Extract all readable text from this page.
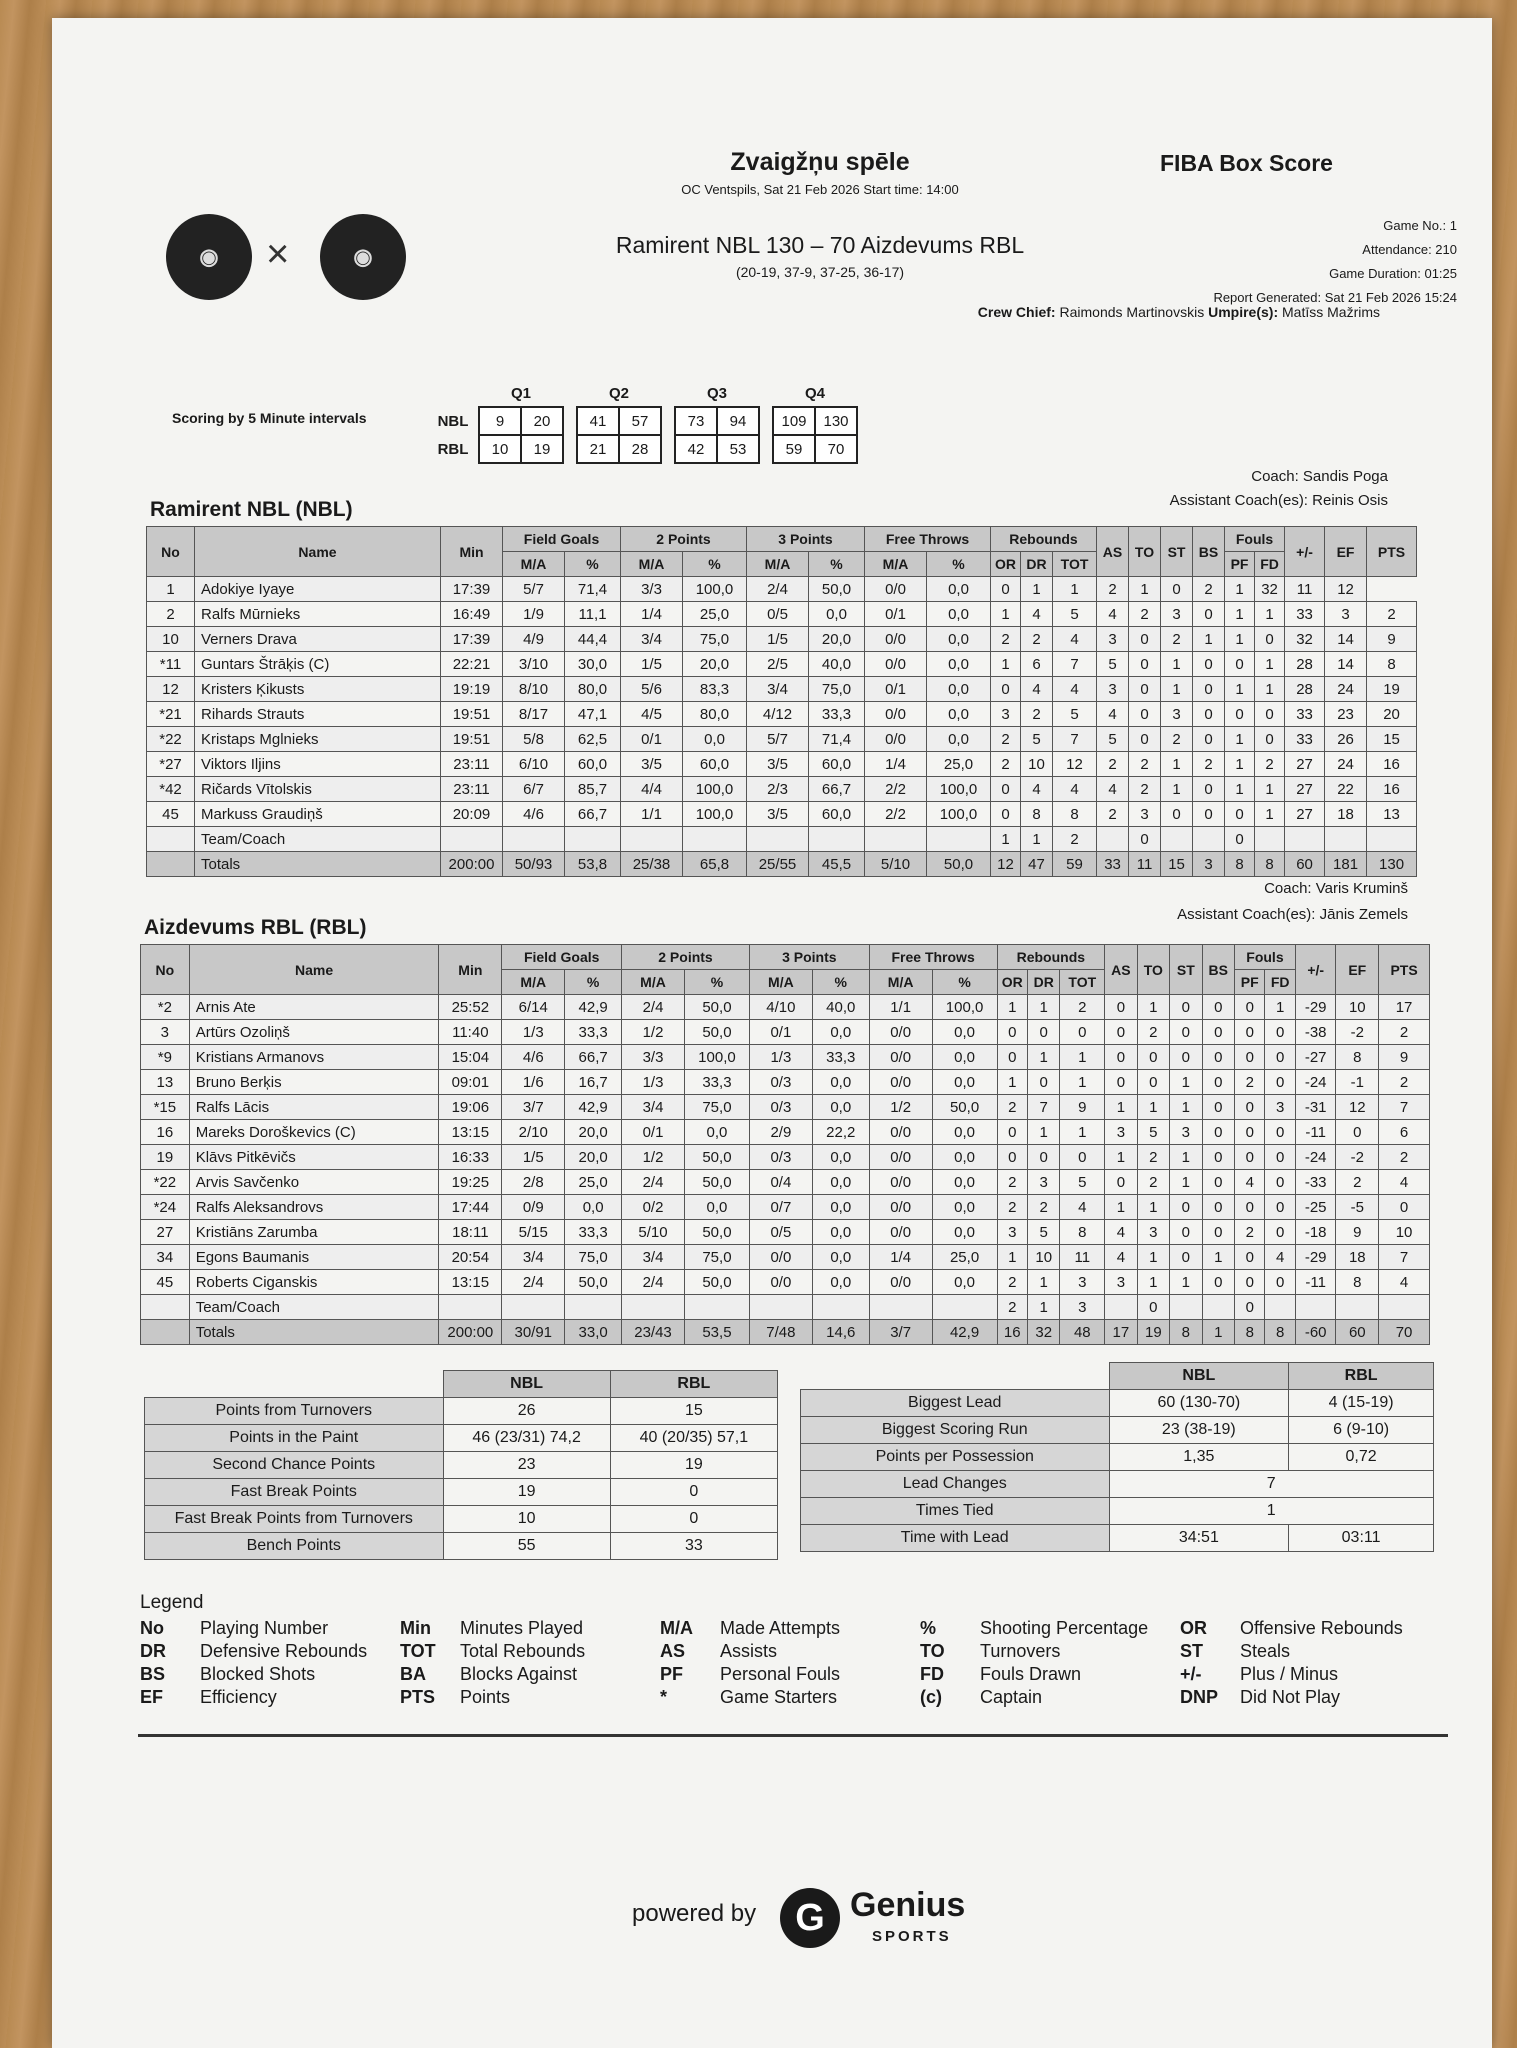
◉ ×	◉
Zvaigžņu spēle
OC Ventspils, Sat 21 Feb 2026 Start time: 14:00
FIBA Box Score
Ramirent NBL 130 – 70 Aizdevums RBL
(20-19, 37-9, 37-25, 36-17)
Game No.: 1
Attendance: 210
Game Duration: 01:25
Report Generated: Sat 21 Feb 2026 15:24
Crew Chief: Raimonds Martinovskis Umpire(s): Matīss Mažrims
Scoring by 5 Minute intervals
	Q1			Q2			Q3			Q4	
NBL	9	20		41	57		73	94		109	130
RBL	10	19		21	28		42	53		59	70
Ramirent NBL (NBL)
Coach: Sandis Poga
Assistant Coach(es): Reinis Osis
No	Name	Min	Field Goals		2 Points		3 Points		Free Throws		Rebounds			AS	TO	ST	BS	Fouls		+/-	EF	PTS
			M/A	%	M/A	%	M/A	%	M/A	%	OR	DR	TOT					PF	FD			
1	Adokiye Iyaye	17:39	5/7	71,4	3/3	100,0	2/4	50,0	0/0	0,0	0	1	1	2	1	0	2	1	32	11	12	
2	Ralfs Mūrnieks	16:49	1/9	11,1	1/4	25,0	0/5	0,0	0/1	0,0	1	4	5	4	2	3	0	1	1	33	3	2
10	Verners Drava	17:39	4/9	44,4	3/4	75,0	1/5	20,0	0/0	0,0	2	2	4	3	0	2	1	1	0	32	14	9
*11	Guntars Štrāķis (C)	22:21	3/10	30,0	1/5	20,0	2/5	40,0	0/0	0,0	1	6	7	5	0	1	0	0	1	28	14	8
12	Kristers Ķikusts	19:19	8/10	80,0	5/6	83,3	3/4	75,0	0/1	0,0	0	4	4	3	0	1	0	1	1	28	24	19
*21	Rihards Strauts	19:51	8/17	47,1	4/5	80,0	4/12	33,3	0/0	0,0	3	2	5	4	0	3	0	0	0	33	23	20
*22	Kristaps Mglnieks	19:51	5/8	62,5	0/1	0,0	5/7	71,4	0/0	0,0	2	5	7	5	0	2	0	1	0	33	26	15
*27	Viktors Iljins	23:11	6/10	60,0	3/5	60,0	3/5	60,0	1/4	25,0	2	10	12	2	2	1	2	1	2	27	24	16
*42	Ričards Vītolskis	23:11	6/7	85,7	4/4	100,0	2/3	66,7	2/2	100,0	0	4	4	4	2	1	0	1	1	27	22	16
45	Markuss Graudiņš	20:09	4/6	66,7	1/1	100,0	3/5	60,0	2/2	100,0	0	8	8	2	3	0	0	0	1	27	18	13
	Team/Coach										1	1	2		0			0				
	Totals	200:00	50/93	53,8	25/38	65,8	25/55	45,5	5/10	50,0	12	47	59	33	11	15	3	8	8	60	181	130
Aizdevums RBL (RBL)
Coach: Varis Kruminš
Assistant Coach(es): Jānis Zemels
No	Name	Min	Field Goals		2 Points		3 Points		Free Throws		Rebounds			AS	TO	ST	BS	Fouls		+/-	EF	PTS
			M/A	%	M/A	%	M/A	%	M/A	%	OR	DR	TOT					PF	FD			
*2	Arnis Ate	25:52	6/14	42,9	2/4	50,0	4/10	40,0	1/1	100,0	1	1	2	0	1	0	0	0	1	-29	10	17
3	Artūrs Ozoliņš	11:40	1/3	33,3	1/2	50,0	0/1	0,0	0/0	0,0	0	0	0	0	2	0	0	0	0	-38	-2	2
*9	Kristians Armanovs	15:04	4/6	66,7	3/3	100,0	1/3	33,3	0/0	0,0	0	1	1	0	0	0	0	0	0	-27	8	9
13	Bruno Berķis	09:01	1/6	16,7	1/3	33,3	0/3	0,0	0/0	0,0	1	0	1	0	0	1	0	2	0	-24	-1	2
*15	Ralfs Lācis	19:06	3/7	42,9	3/4	75,0	0/3	0,0	1/2	50,0	2	7	9	1	1	1	0	0	3	-31	12	7
16	Mareks Doroškevics (C)	13:15	2/10	20,0	0/1	0,0	2/9	22,2	0/0	0,0	0	1	1	3	5	3	0	0	0	-11	0	6
19	Klāvs Pitkēvičs	16:33	1/5	20,0	1/2	50,0	0/3	0,0	0/0	0,0	0	0	0	1	2	1	0	0	0	-24	-2	2
*22	Arvis Savčenko	19:25	2/8	25,0	2/4	50,0	0/4	0,0	0/0	0,0	2	3	5	0	2	1	0	4	0	-33	2	4
*24	Ralfs Aleksandrovs	17:44	0/9	0,0	0/2	0,0	0/7	0,0	0/0	0,0	2	2	4	1	1	0	0	0	0	-25	-5	0
27	Kristiāns Zarumba	18:11	5/15	33,3	5/10	50,0	0/5	0,0	0/0	0,0	3	5	8	4	3	0	0	2	0	-18	9	10
34	Egons Baumanis	20:54	3/4	75,0	3/4	75,0	0/0	0,0	1/4	25,0	1	10	11	4	1	0	1	0	4	-29	18	7
45	Roberts Ciganskis	13:15	2/4	50,0	2/4	50,0	0/0	0,0	0/0	0,0	2	1	3	3	1	1	0	0	0	-11	8	4
	Team/Coach										2	1	3		0			0				
	Totals	200:00	30/91	33,0	23/43	53,5	7/48	14,6	3/7	42,9	16	32	48	17	19	8	1	8	8	-60	60	70
	NBL	RBL
Points from Turnovers	26	15
Points in the Paint	46 (23/31) 74,2	40 (20/35) 57,1
Second Chance Points	23	19
Fast Break Points	19	0
Fast Break Points from Turnovers	10	0
Bench Points	55	33
	NBL	RBL
Biggest Lead	60 (130-70)	4 (15-19)
Biggest Scoring Run	23 (38-19)	6 (9-10)
Points per Possession	1,35	0,72
Lead Changes	7	
Times Tied	1	
Time with Lead	34:51	03:11
Legend
No Playing Number
DR Defensive Rebounds
BS Blocked Shots
EF Efficiency
Min Minutes Played
TOT Total Rebounds
BA Blocks Against
PTS Points
M/A Made Attempts
AS Assists
PF Personal Fouls
*	Game Starters
% Shooting Percentage
TO Turnovers
FD Fouls Drawn
(c) Captain
OR Offensive Rebounds
ST Steals
+/- Plus / Minus
DNP Did Not Play
powered by	G Genius
SPORTS
